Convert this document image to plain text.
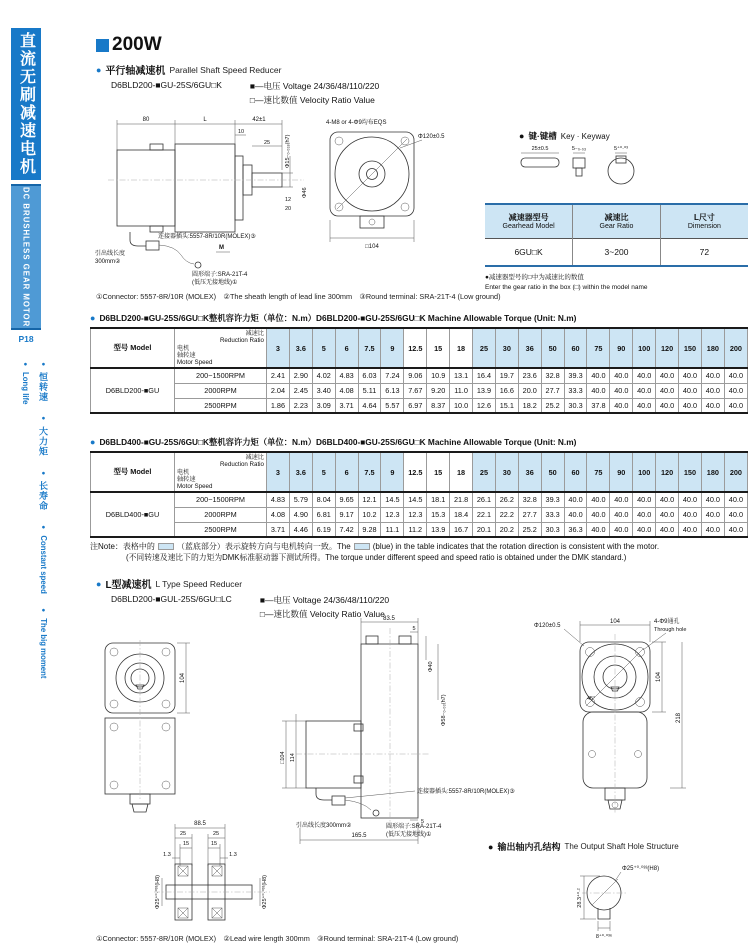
直流无刷减速电机
DC BRUSHLESS GEAR MOTOR
P18
●恒转速 ●大力矩 ●长寿命 ●Constant speed ●The big moment ●Long life
200W
● 平行轴减速机 Parallel Shaft Speed Reducer
D6BLD200-■GU-25S/6GU□K	■—电压 Voltage 24/36/48/110/220
□—速比数值 Velocity Ratio Value
80	L	42±1
10
25	Φ15₋₀.₀₁₈(h7)
12
20
Φ46
连接器插头:5557-8R/10R(MOLEX)③
引出线长度
300mm②
M
圆形端子:SRA-21T-4
(低压无接地线)①
4-M8 or 4-Φ9均布EQS
Φ120±0.5
□104
● 键·键槽 Key · Keyway
25±0.5	5₋₀.₀₃	5⁺⁰·⁰³
减速器型号
Gearhead Model	减速比
Gear Ratio	L尺寸
Dimension

6GU□K	3~200	72
●减速器型号的□中为减速比的数值
Enter the gear ratio in the box (□) within the model name
①Connector: 5557-8R/10R (MOLEX)　②The sheath length of lead line 300mm　③Round terminal: SRA-21T-4 (Low ground)
● D6BLD200-■GU-25S/6GU□K整机容许力矩（单位：N.m）D6BLD200-■GU-25S/6GU□K Machine Allowable Torque (Unit: N.m)
型号 Model	减速比
Reduction Ratio
电机
轴转速
Motor Speed	3	3.6	5	6	7.5	9	12.5	15	18	25	30	36	50	60	75	90	100	120	150	180	200
D6BLD200-■GU	200~1500RPM	2.41	2.90	4.02	4.83	6.03	7.24	9.06	10.9	13.1	16.4	19.7	23.6	32.8	39.3	40.0	40.0	40.0	40.0	40.0	40.0	40.0
	2000RPM	2.04	2.45	3.40	4.08	5.11	6.13	7.67	9.20	11.0	13.9	16.6	20.0	27.7	33.3	40.0	40.0	40.0	40.0	40.0	40.0	40.0
	2500RPM	1.86	2.23	3.09	3.71	4.64	5.57	6.97	8.37	10.0	12.6	15.1	18.2	25.2	30.3	37.8	40.0	40.0	40.0	40.0	40.0	40.0
● D6BLD400-■GU-25S/6GU□K整机容许力矩（单位：N.m）D6BLD400-■GU-25S/6GU□K Machine Allowable Torque (Unit: N.m)
型号 Model	减速比
Reduction Ratio
电机
轴转速
Motor Speed	3	3.6	5	6	7.5	9	12.5	15	18	25	30	36	50	60	75	90	100	120	150	180	200
D6BLD400-■GU	200~1500RPM	4.83	5.79	8.04	9.65	12.1	14.5	14.5	18.1	21.8	26.1	26.2	32.8	39.3	40.0	40.0	40.0	40.0	40.0	40.0	40.0	40.0
	2000RPM	4.08	4.90	6.81	9.17	10.2	12.3	12.3	15.3	18.4	22.1	22.2	27.7	33.3	40.0	40.0	40.0	40.0	40.0	40.0	40.0	40.0
	2500RPM	3.71	4.46	6.19	7.42	9.28	11.1	11.2	13.9	16.7	20.1	20.2	25.2	30.3	36.3	40.0	40.0	40.0	40.0	40.0	40.0	40.0
注Note：表格中的	（蓝底部分）表示旋转方向与电机转向一致。The	(blue) in the table indicates that the rotation direction is consistent with the motor.
(不同转速及速比下的力矩为DMK标准驱动器下测试所得。The torque under different speed and speed ratio is obtained under the DMK standard.)
● L型减速机 L Type Speed Reducer
D6BLD200-■GUL-25S/6GU□LC	■—电压 Voltage 24/36/48/110/220
□—速比数值 Velocity Ratio Value
104
83.5
5
Φ40
Φ58₋₀.₀₃(h7)
114
□104
连接器插头:5557-8R/10R(MOLEX)③
引出线长度300mm②	圆形端子:SRA-21T-4
(低压无接地线)①
165.5
5
Φ120±0.5
104	4-Φ9通孔
Through hole
45°
104
218
88.5
25	25
15	15
1.3	1.3
Φ25⁺⁰·⁰³³(H8)	Φ25⁺⁰·⁰³³(H8)
● 输出轴内孔结构 The Output Shaft Hole Structure
28.3⁺⁰·²
Φ25⁺⁰·⁰³³(H8)
8⁺⁰·⁰³⁶
①Connector: 5557-8R/10R (MOLEX)　②Lead wire length 300mm　③Round terminal: SRA-21T-4 (Low ground)
